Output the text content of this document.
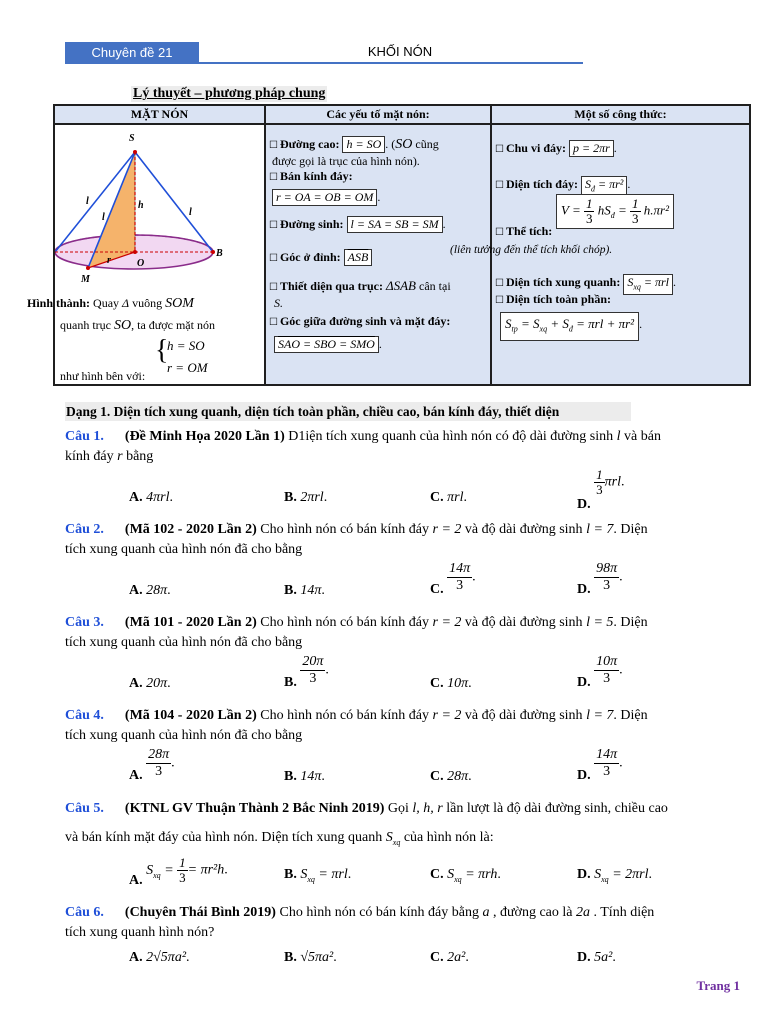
Chuyên đề 21	KHỐI NÓN
Lý thuyết – phương pháp chung
MẶT NÓN	Các yếu tố mặt nón:	Một số công thức:
S
h
l
l	l
O
B
M
r
Hình thành: Quay Δ vuông SOM
quanh trục SO, ta được mặt nón
{
h = SO
r = OM
như hình bên với:
☐ Đường cao: h = SO . (SO cũng
được gọi là trục của hình nón).
☐ Bán kính đáy:
r = OA = OB = OM .
☐ Đường sinh: l = SA = SB = SM .
☐ Góc ở đỉnh: $\overline{ASB}$
☐ Thiết diện qua trục: ΔSAB cân tại
S.
☐ Góc giữa đường sinh và mặt đáy:
SAO = SBO = SMO .
☐ Chu vi đáy: p = 2πr .
☐ Diện tích đáy: $S_đ = \pi r^2$ .
☐ Thể tích:
$V = \frac{1}{3} hS_đ = \frac{1}{3} h.\pi r^2$
(liên tưởng đến thể tích khối chóp).
☐ Diện tích xung quanh: $S_{xq} = \pi rl$ .
☐ Diện tích toàn phần:
$S_{tp} = S_{xq} + S_đ = \pi rl + \pi r^2$ .
Dạng 1. Diện tích xung quanh, diện tích toàn phần, chiều cao, bán kính đáy, thiết diện
Câu 1. (Đề Minh Họa 2020 Lần 1) D1iện tích xung quanh của hình nón có độ dài đường sinh l và bán
kính đáy r bằng
A. 4πrl.	B. 2πrl.	C. πrl.	D.
$\frac{1}{3} \pi rl$.
Câu 2. (Mã 102 - 2020 Lần 2) Cho hình nón có bán kính đáy r = 2 và độ dài đường sinh l = 7. Diện
tích xung quanh của hình nón đã cho bằng
A. 28π.	B. 14π.	C. $\frac{14\pi}{3}$ .
D. $\frac{98\pi}{3}$ .
Câu 3. (Mã 101 - 2020 Lần 2) Cho hình nón có bán kính đáy r = 2 và độ dài đường sinh l = 5. Diện
tích xung quanh của hình nón đã cho bằng
A. 20π.	B. $\frac{20\pi}{3}$ .
C. 10π.	D. $\frac{10\pi}{3}$ .
Câu 4. (Mã 104 - 2020 Lần 2) Cho hình nón có bán kính đáy r = 2 và độ dài đường sinh l = 7. Diện
tích xung quanh của hình nón đã cho bằng
A. $\frac{28\pi}{3}$ .
B. 14π.	C. 28π.	D. $\frac{14\pi}{3}$ .
Câu 5. (KTNL GV Thuận Thành 2 Bắc Ninh 2019) Gọi l, h, r lần lượt là độ dài đường sinh, chiều cao
và bán kính mặt đáy của hình nón. Diện tích xung quanh $S_{xq}$ của hình nón là:
A. $S_{xq} = \frac{1}{3} = \pi r^2h$.	B. $S_{xq} = \pi rl$.	C. $S_{xq} = \pi rh$.	D. $S_{xq} = 2\pi rl$.
Câu 6. (Chuyên Thái Bình 2019) Cho hình nón có bán kính đáy bằng a , đường cao là 2a . Tính diện
tích xung quanh hình nón?
A. 2√5πa².	B. √5πa².	C. 2a².	D. 5a².
Trang 1
